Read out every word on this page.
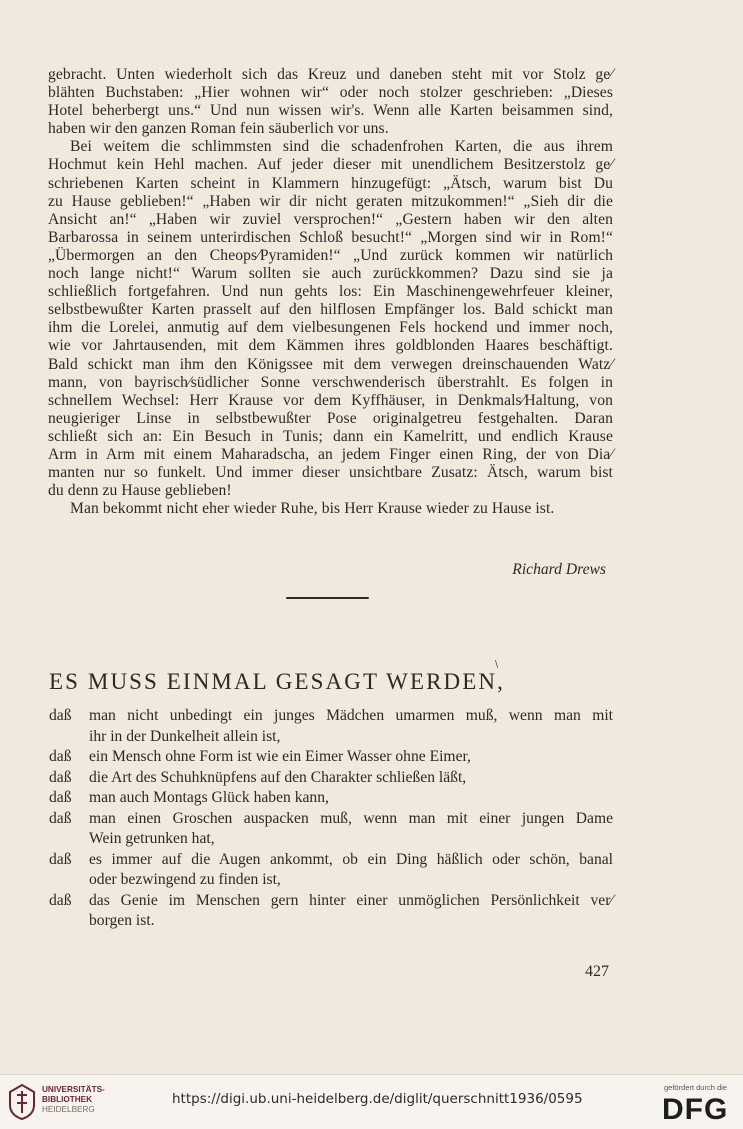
gebracht. Unten wiederholt sich das Kreuz und daneben steht mit vor Stolz ge⁄
blähten Buchstaben: „Hier wohnen wir“ oder noch stolzer geschrieben: „Dieses
Hotel beherbergt uns.“ Und nun wissen wir's. Wenn alle Karten beisammen sind,
haben wir den ganzen Roman fein säuberlich vor uns.
Bei weitem die schlimmsten sind die schadenfrohen Karten, die aus ihrem
Hochmut kein Hehl machen. Auf jeder dieser mit unendlichem Besitzerstolz ge⁄
schriebenen Karten scheint in Klammern hinzugefügt: „Ätsch, warum bist Du
zu Hause geblieben!“ „Haben wir dir nicht geraten mitzukommen!“ „Sieh dir die
Ansicht an!“ „Haben wir zuviel versprochen!“ „Gestern haben wir den alten
Barbarossa in seinem unterirdischen Schloß besucht!“ „Morgen sind wir in Rom!“
„Übermorgen an den Cheops⁄Pyramiden!“ „Und zurück kommen wir natürlich
noch lange nicht!“ Warum sollten sie auch zurückkommen? Dazu sind sie ja
schließlich fortgefahren. Und nun gehts los: Ein Maschinengewehrfeuer kleiner,
selbstbewußter Karten prasselt auf den hilflosen Empfänger los. Bald schickt man
ihm die Lorelei, anmutig auf dem vielbesungenen Fels hockend und immer noch,
wie vor Jahrtausenden, mit dem Kämmen ihres goldblonden Haares beschäftigt.
Bald schickt man ihm den Königssee mit dem verwegen dreinschauenden Watz⁄
mann, von bayrisch⁄südlicher Sonne verschwenderisch überstrahlt. Es folgen in
schnellem Wechsel: Herr Krause vor dem Kyffhäuser, in Denkmals⁄Haltung, von
neugieriger Linse in selbstbewußter Pose originalgetreu festgehalten. Daran
schließt sich an: Ein Besuch in Tunis; dann ein Kamelritt, und endlich Krause
Arm in Arm mit einem Maharadscha, an jedem Finger einen Ring, der von Dia⁄
manten nur so funkelt. Und immer dieser unsichtbare Zusatz: Ätsch, warum bist
du denn zu Hause geblieben!
Man bekommt nicht eher wieder Ruhe, bis Herr Krause wieder zu Hause ist.
Richard Drews
\
ES MUSS EINMAL GESAGT WERDEN,
daß man nicht unbedingt ein junges Mädchen umarmen muß, wenn man mit
ihr in der Dunkelheit allein ist,
daß ein Mensch ohne Form ist wie ein Eimer Wasser ohne Eimer,
daß die Art des Schuhknüpfens auf den Charakter schließen läßt,
daß man auch Montags Glück haben kann,
daß man einen Groschen auspacken muß, wenn man mit einer jungen Dame
Wein getrunken hat,
daß es immer auf die Augen ankommt, ob ein Ding häßlich oder schön, banal
oder bezwingend zu finden ist,
daß das Genie im Menschen gern hinter einer unmöglichen Persönlichkeit ver⁄
borgen ist.
427
UNIVERSITÄTS-
BIBLIOTHEK
HEIDELBERG
https://digi.ub.uni-heidelberg.de/diglit/querschnitt1936/0595
gefördert durch die
DFG
